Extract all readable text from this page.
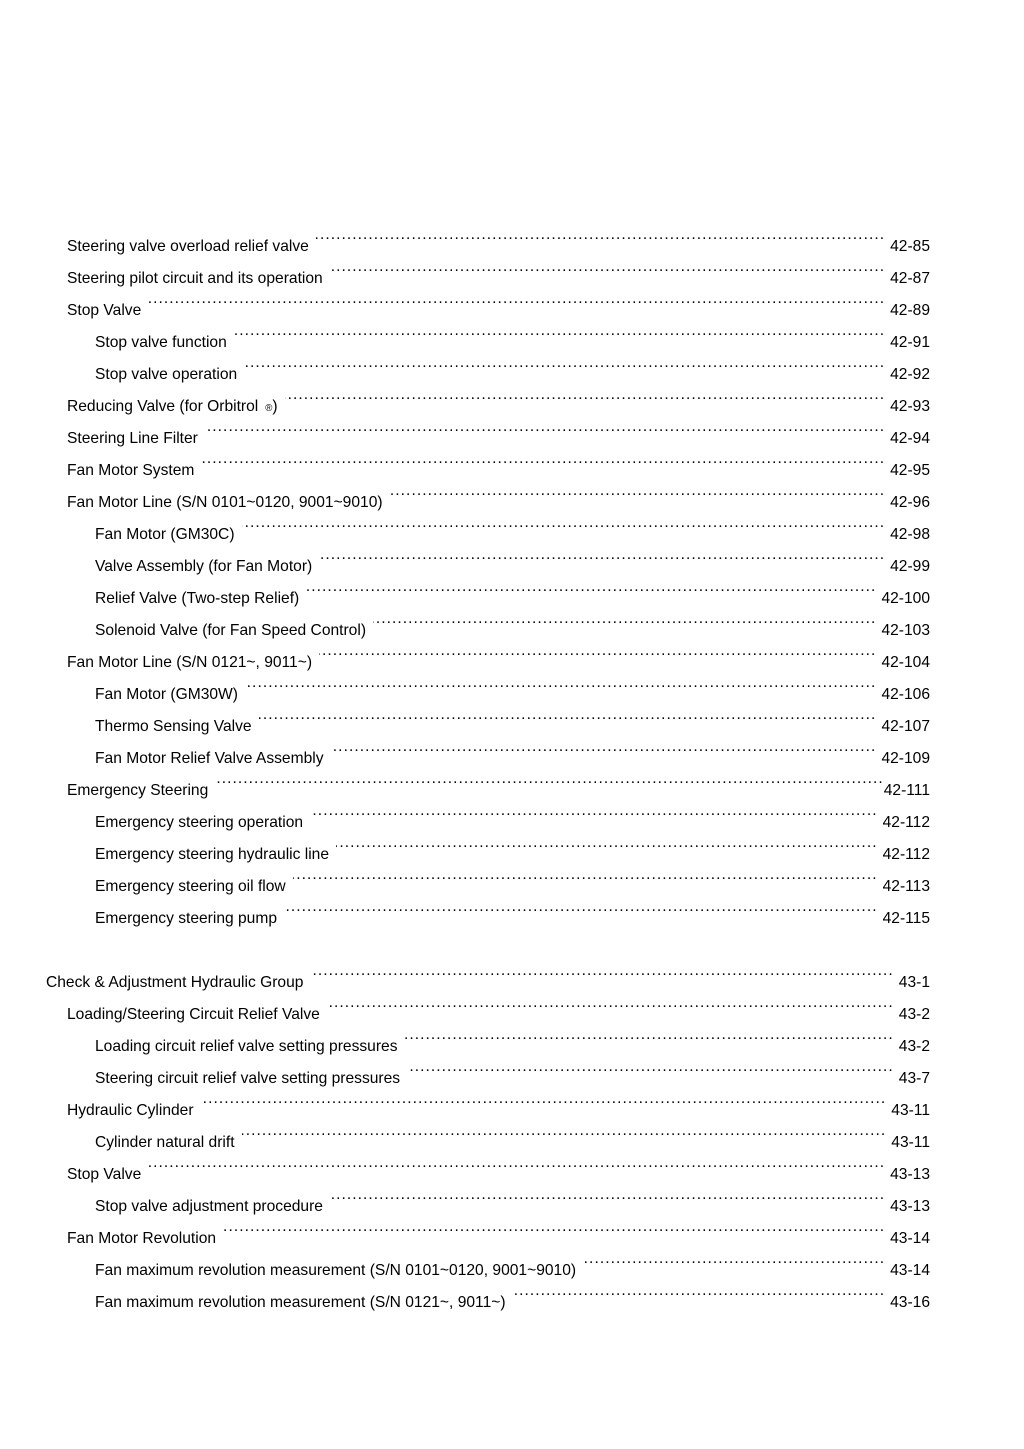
Steering valve overload relief valve .....	42-85
Steering pilot circuit and its operation .....	42-87
Stop Valve .....	42-89
Stop valve function .....	42-91
Stop valve operation .....	42-92
Reducing Valve (for Orbitrol ® ) .....	42-93
Steering Line Filter .....	42-94
Fan Motor System .....	42-95
Fan Motor Line (S/N 0101~0120, 9001~9010) .....	42-96
Fan Motor (GM30C) .....	42-98
Valve Assembly (for Fan Motor) .....	42-99
Relief Valve (Two-step Relief) .....	42-100
Solenoid Valve (for Fan Speed Control) .....	42-103
Fan Motor Line (S/N 0121~, 9011~) .....	42-104
Fan Motor (GM30W) .....	42-106
Thermo Sensing Valve .....	42-107
Fan Motor Relief Valve Assembly .....	42-109
Emergency Steering .....	42-111
Emergency steering operation .....	42-112
Emergency steering hydraulic line .....	42-112
Emergency steering oil flow .....	42-113
Emergency steering pump .....	42-115
Check & Adjustment Hydraulic Group .....	43-1
Loading/Steering Circuit Relief Valve .....	43-2
Loading circuit relief valve setting pressures .....	43-2
Steering circuit relief valve setting pressures .....	43-7
Hydraulic Cylinder .....	43-11
Cylinder natural drift .....	43-11
Stop Valve .....	43-13
Stop valve adjustment procedure .....	43-13
Fan Motor Revolution .....	43-14
Fan maximum revolution measurement (S/N 0101~0120, 9001~9010) .....	43-14
Fan maximum revolution measurement (S/N 0121~, 9011~) .....	43-16
